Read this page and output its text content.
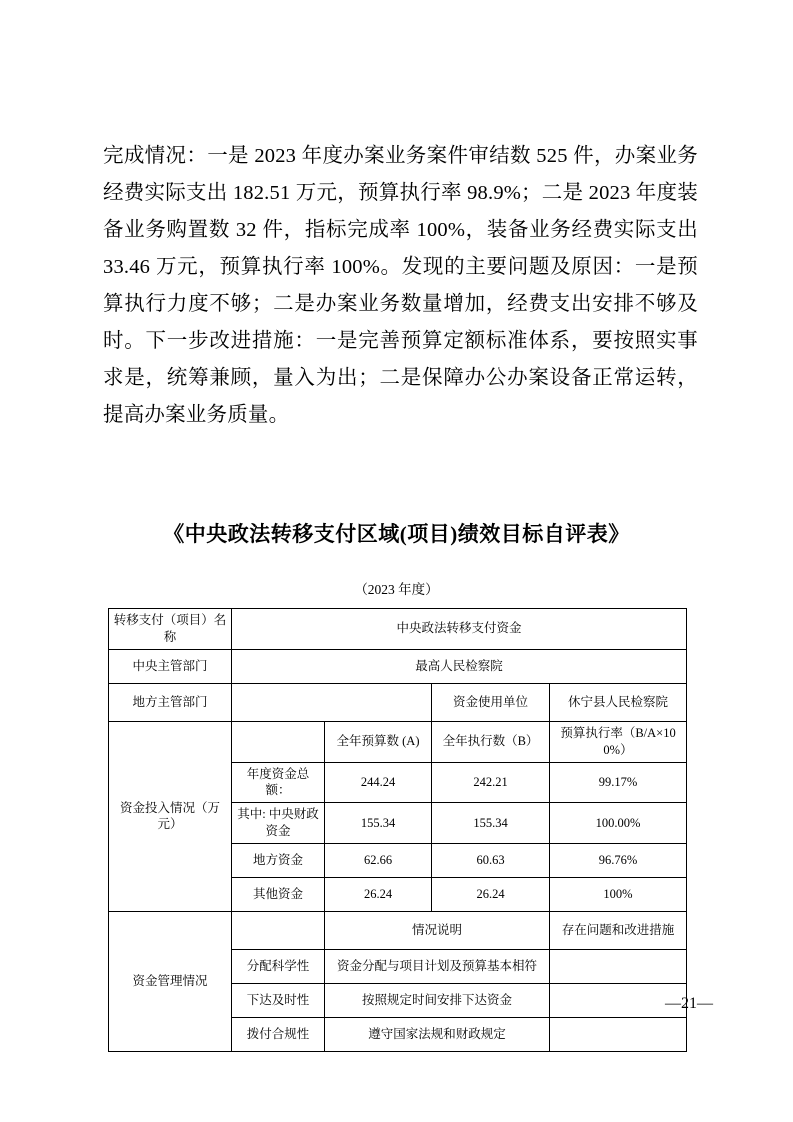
完成情况：一是 2023 年度办案业务案件审结数 525 件，办案业务经费实际支出 182.51 万元，预算执行率 98.9%；二是 2023 年度装备业务购置数 32 件，指标完成率 100%，装备业务经费实际支出 33.46 万元，预算执行率 100%。发现的主要问题及原因：一是预算执行力度不够；二是办案业务数量增加，经费支出安排不够及时。下一步改进措施：一是完善预算定额标准体系，要按照实事求是，统筹兼顾，量入为出；二是保障办公办案设备正常运转，提高办案业务质量。
《中央政法转移支付区域(项目)绩效目标自评表》
（2023 年度）
转移支付（项目）名称	中央政法转移支付资金			
中央主管部门	最高人民检察院			
地方主管部门			资金使用单位	休宁县人民检察院
资金投入情况（万元）		全年预算数 (A)	全年执行数（B）	预算执行率（B/A×100%）
	年度资金总额：	244.24	242.21	99.17%
	其中: 中央财政资金	155.34	155.34	100.00%
	地方资金	62.66	60.63	96.76%
	其他资金	26.24	26.24	100%
资金管理情况		情况说明		存在问题和改进措施
	分配科学性	资金分配与项目计划及预算基本相符		
	下达及时性	按照规定时间安排下达资金		
	拨付合规性	遵守国家法规和财政规定		
—21—
